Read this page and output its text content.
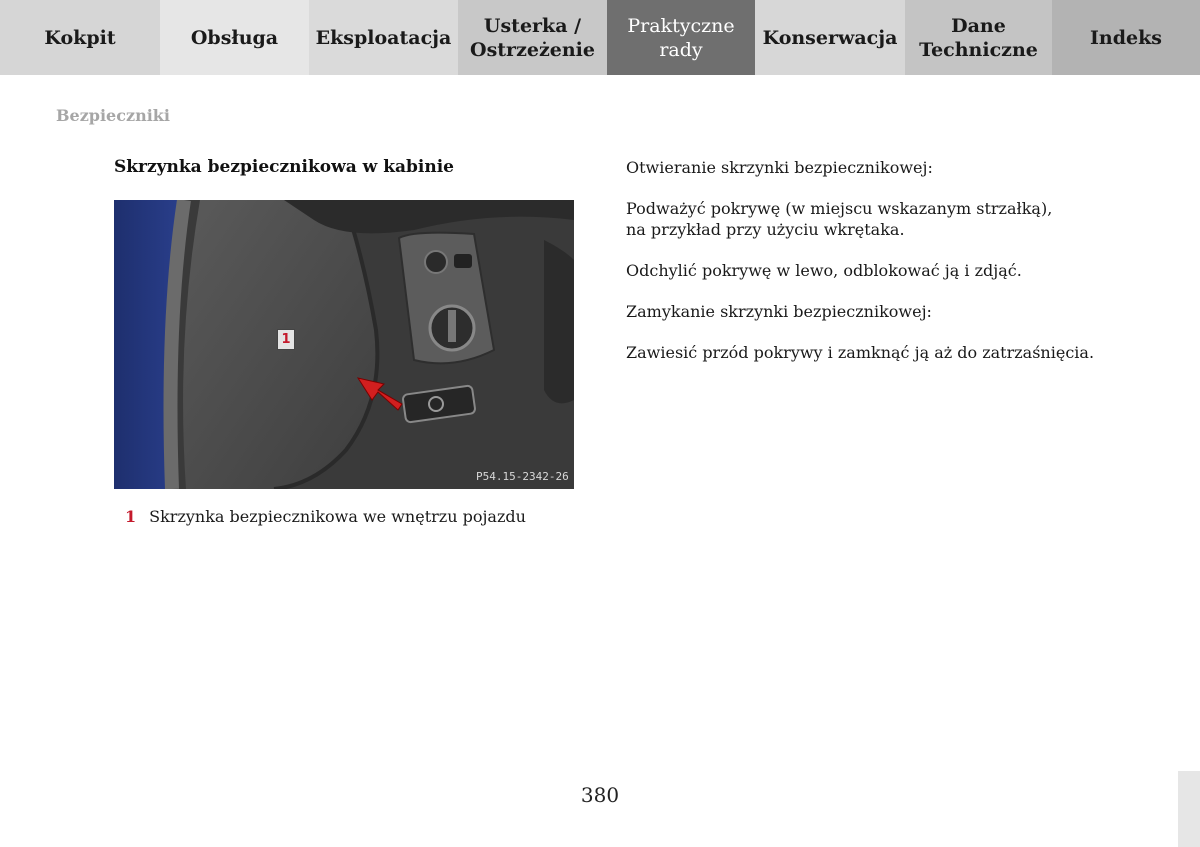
Kokpit	Obsługa	Eksploatacja
Usterka /
Ostrzeżenie
Praktyczne
rady
Konserwacja
Dane
Techniczne
Indeks
Bezpieczniki
Skrzynka bezpiecznikowa w kabinie
1
P54.15-2342-26
1 Skrzynka bezpiecznikowa we wnętrzu pojazdu

Otwieranie skrzynki bezpiecznikowej:

Podważyć pokrywę (w miejscu wskazanym strzałką),
na przykład przy użyciu wkrętaka.

Odchylić pokrywę w lewo, odblokować ją i zdjąć.

Zamykanie skrzynki bezpiecznikowej:

Zawiesić przód pokrywy i zamknąć ją aż do zatrzaśnięcia.

380
